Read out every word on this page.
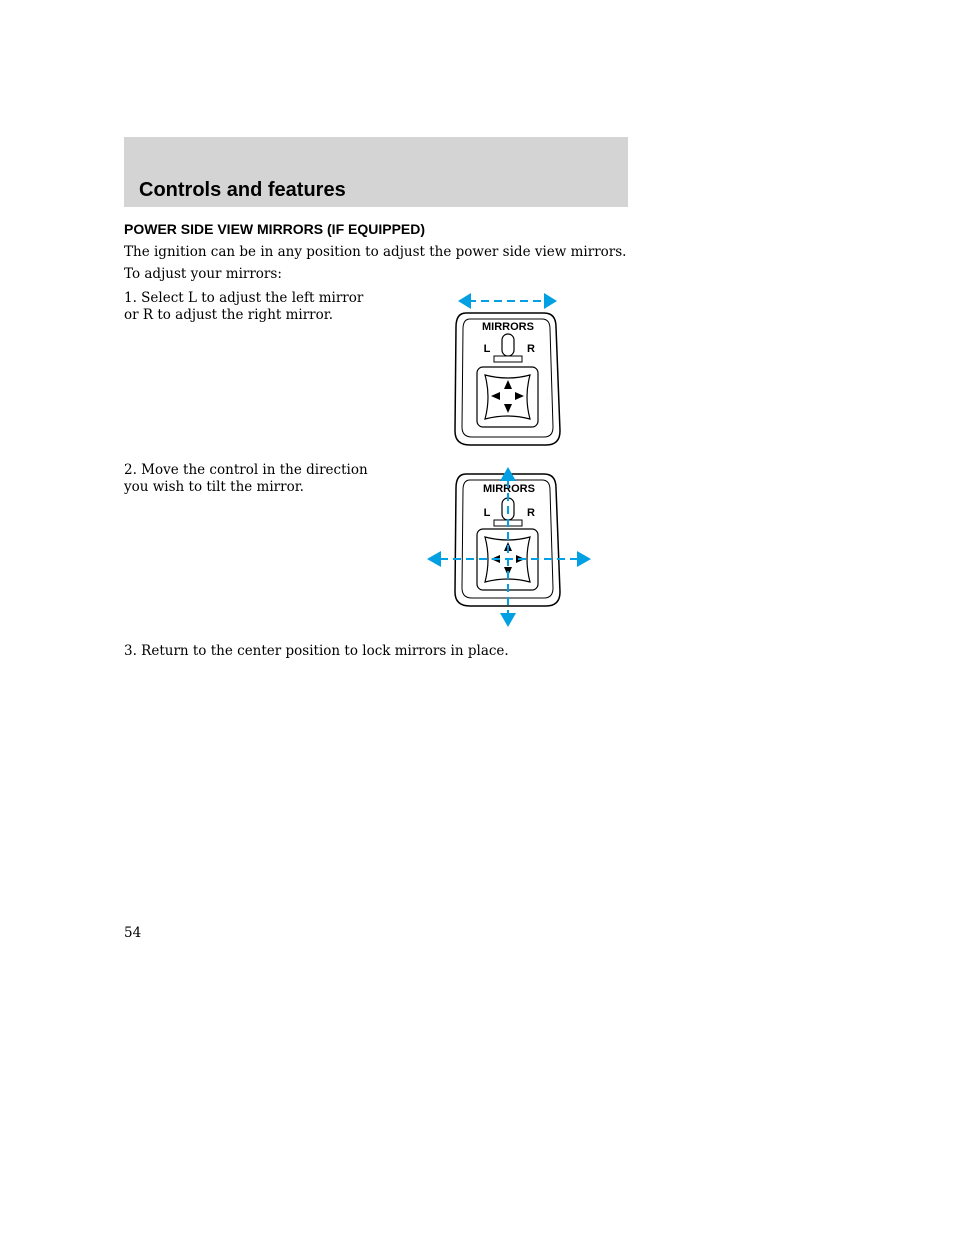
Controls and features
POWER SIDE VIEW MIRRORS (IF EQUIPPED)
The ignition can be in any position to adjust the power side view mirrors.
To adjust your mirrors:
1. Select L to adjust the left mirror
or R to adjust the right mirror.
MIRRORS
L	R
2. Move the control in the direction
you wish to tilt the mirror.	MIRRORS
L	R
3. Return to the center position to lock mirrors in place.
54
